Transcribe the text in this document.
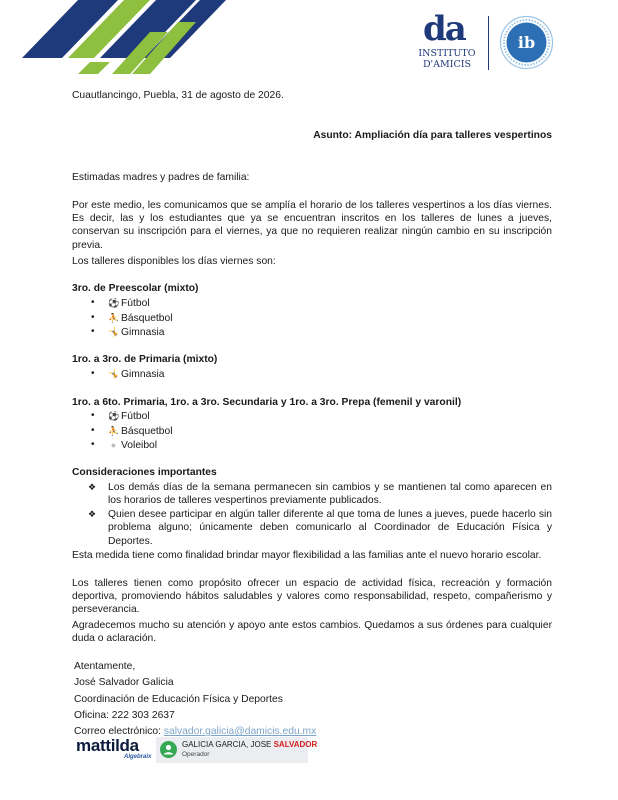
da
INSTITUTO
D'AMICIS
ib
Cuautlancingo, Puebla, 31 de agosto de 2026.
Asunto: Ampliación día para talleres vespertinos
Estimadas madres y padres de familia:
Por este medio, les comunicamos que se amplía el horario de los talleres vespertinos a los días viernes. Es decir, las y los estudiantes que ya se encuentran inscritos en los talleres de lunes a jueves, conservan su inscripción para el viernes, ya que no requieren realizar ningún cambio en su inscripción previa.
Los talleres disponibles los días viernes son:
3ro. de Preescolar (mixto)
• ⚽ Fútbol
• ⛹ Básquetbol
• 🤸 Gimnasia
1ro. a 3ro. de Primaria (mixto)
• 🤸 Gimnasia
1ro. a 6to. Primaria, 1ro. a 3ro. Secundaria y 1ro. a 3ro. Prepa (femenil y varonil)
• ⚽ Fútbol
• ⛹ Básquetbol
• ● Voleibol
Consideraciones importantes
❖ Los demás días de la semana permanecen sin cambios y se mantienen tal como aparecen en los horarios de talleres vespertinos previamente publicados.
❖ Quien desee participar en algún taller diferente al que toma de lunes a jueves, puede hacerlo sin problema alguno; únicamente deben comunicarlo al Coordinador de Educación Física y Deportes.
Esta medida tiene como finalidad brindar mayor flexibilidad a las familias ante el nuevo horario escolar.
Los talleres tienen como propósito ofrecer un espacio de actividad física, recreación y formación deportiva, promoviendo hábitos saludables y valores como responsabilidad, respeto, compañerismo y perseverancia.
Agradecemos mucho su atención y apoyo ante estos cambios. Quedamos a sus órdenes para cualquier duda o aclaración.
Atentamente,
José Salvador Galicia
Coordinación de Educación Física y Deportes
Oficina: 222 303 2637
Correo electrónico: salvador.galicia@damicis.edu.mx
mattilda
Algebraix
GALICIA GARCIA, JOSE SALVADOR
Operador
